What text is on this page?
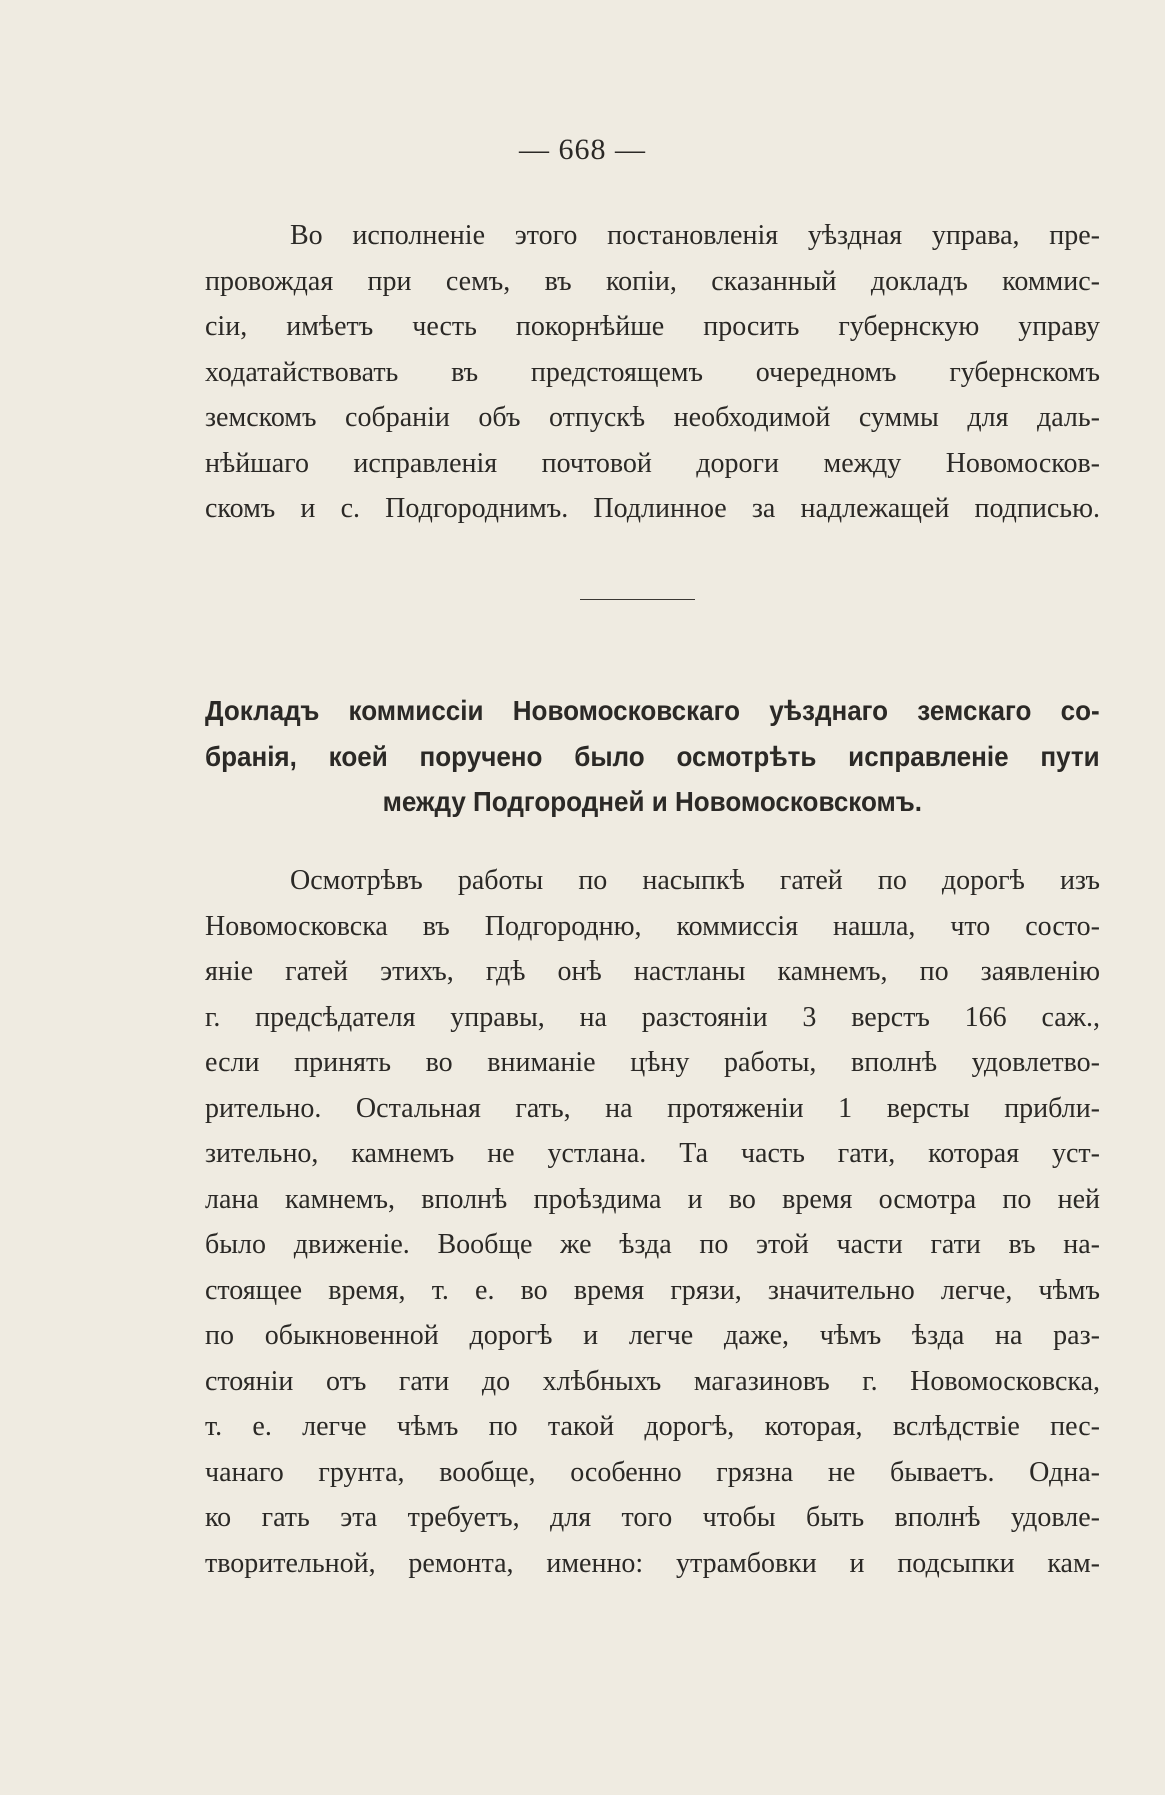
— 668 —
Во исполненіе этого постановленія уѣздная управа, пре-
провождая при семъ, въ копіи, сказанный докладъ коммис-
сіи, имѣетъ честь покорнѣйше просить губернскую управу
ходатайствовать въ предстоящемъ очередномъ губернскомъ
земскомъ собраніи объ отпускѣ необходимой суммы для даль-
нѣйшаго исправленія почтовой дороги между Новомосков-
скомъ и с. Подгороднимъ. Подлинное за надлежащей подписью.
Докладъ коммиссіи Новомосковскаго уѣзднаго земскаго со-
бранія, коей поручено было осмотрѣть исправленіе пути
между Подгородней и Новомосковскомъ.
Осмотрѣвъ работы по насыпкѣ гатей по дорогѣ изъ
Новомосковска въ Подгородню, коммиссія нашла, что состо-
яніе гатей этихъ, гдѣ онѣ настланы камнемъ, по заявленію
г. предсѣдателя управы, на разстояніи 3 верстъ 166 саж.,
если принять во вниманіе цѣну работы, вполнѣ удовлетво-
рительно. Остальная гать, на протяженіи 1 версты прибли-
зительно, камнемъ не устлана. Та часть гати, которая уст-
лана камнемъ, вполнѣ проѣздима и во время осмотра по ней
было движеніе. Вообще же ѣзда по этой части гати въ на-
стоящее время, т. е. во время грязи, значительно легче, чѣмъ
по обыкновенной дорогѣ и легче даже, чѣмъ ѣзда на раз-
стояніи отъ гати до хлѣбныхъ магазиновъ г. Новомосковска,
т. е. легче чѣмъ по такой дорогѣ, которая, вслѣдствіе пес-
чанаго грунта, вообще, особенно грязна не бываетъ. Одна-
ко гать эта требуетъ, для того чтобы быть вполнѣ удовле-
творительной, ремонта, именно: утрамбовки и подсыпки кам-
